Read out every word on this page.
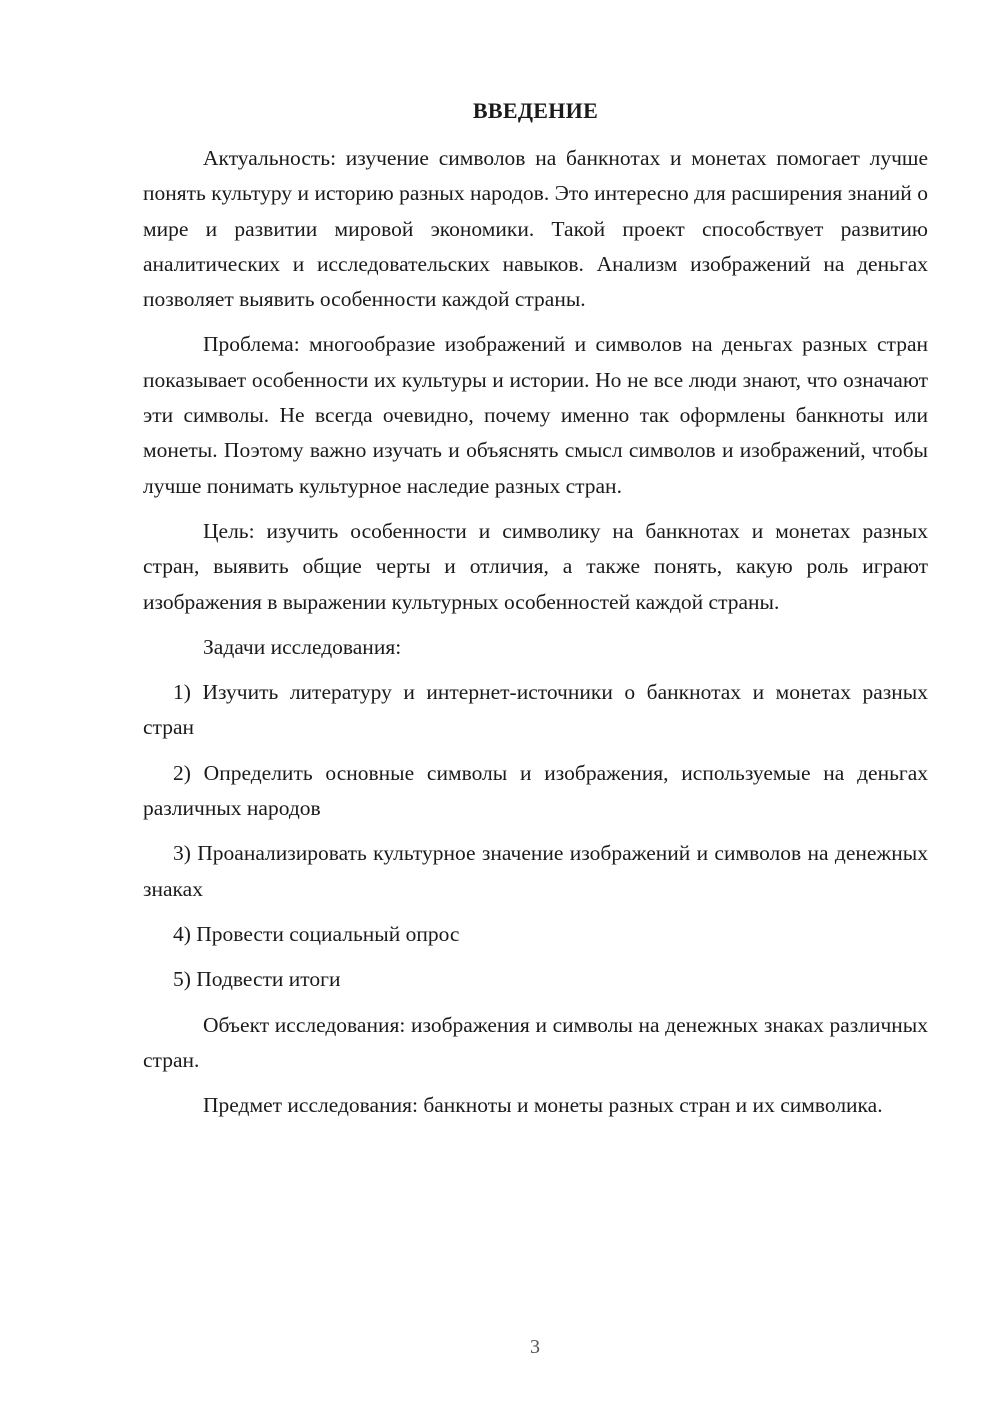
ВВЕДЕНИЕ

Актуальность: изучение символов на банкнотах и монетах помогает лучше понять культуру и историю разных народов. Это интересно для расширения знаний о мире и развитии мировой экономики. Такой проект способствует развитию аналитических и исследовательских навыков. Анализм изображений на деньгах позволяет выявить особенности каждой страны.

Проблема: многообразие изображений и символов на деньгах разных стран показывает особенности их культуры и истории. Но не все люди знают, что означают эти символы. Не всегда очевидно, почему именно так оформлены банкноты или монеты. Поэтому важно изучать и объяснять смысл символов и изображений, чтобы лучше понимать культурное наследие разных стран.

Цель: изучить особенности и символику на банкнотах и монетах разных стран, выявить общие черты и отличия, а также понять, какую роль играют изображения в выражении культурных особенностей каждой страны.

Задачи исследования:

1) Изучить литературу и интернет-источники о банкнотах и монетах разных стран

2) Определить основные символы и изображения, используемые на деньгах различных народов

3) Проанализировать культурное значение изображений и символов на денежных знаках

4) Провести социальный опрос

5) Подвести итоги

Объект исследования: изображения и символы на денежных знаках различных стран.

Предмет исследования: банкноты и монеты разных стран и их символика.

3
